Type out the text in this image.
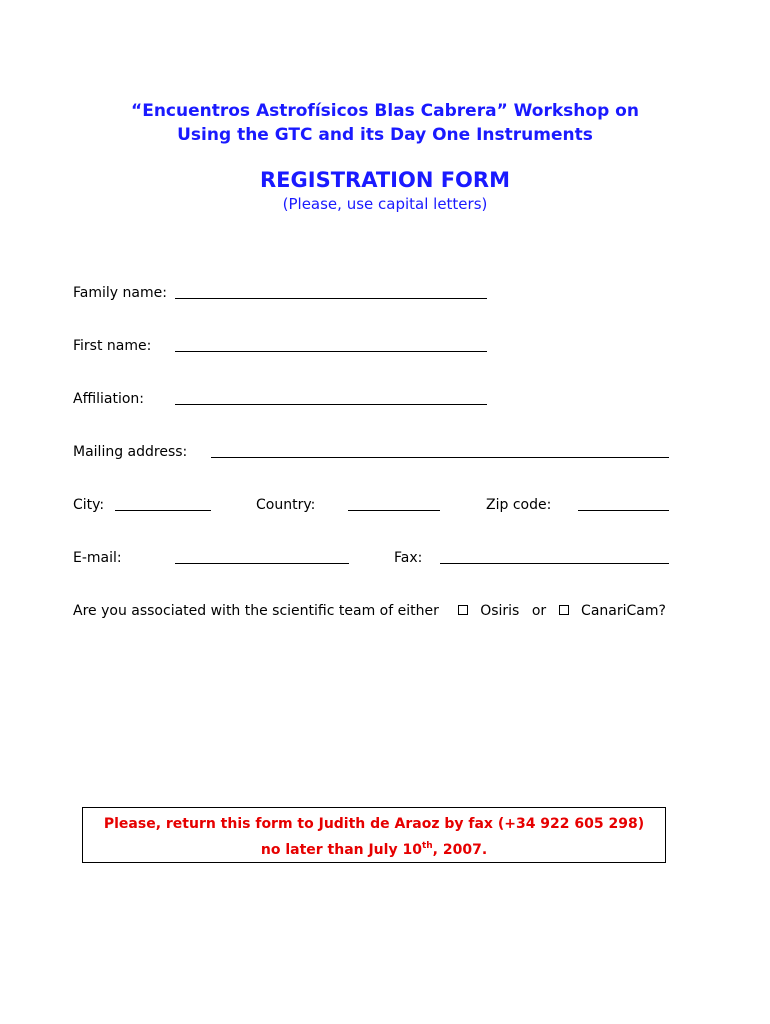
“Encuentros Astrofísicos Blas Cabrera” Workshop on
Using the GTC and its Day One Instruments
REGISTRATION FORM
(Please, use capital letters)
Family name:
First name:
Affiliation:
Mailing address:
City:	Country:	Zip code:
E-mail:	Fax:
Are you associated with the scientific team of either	Osiris or CanariCam?
Please, return this form to Judith de Araoz by fax (+34 922 605 298)
no later than July 10th, 2007.
